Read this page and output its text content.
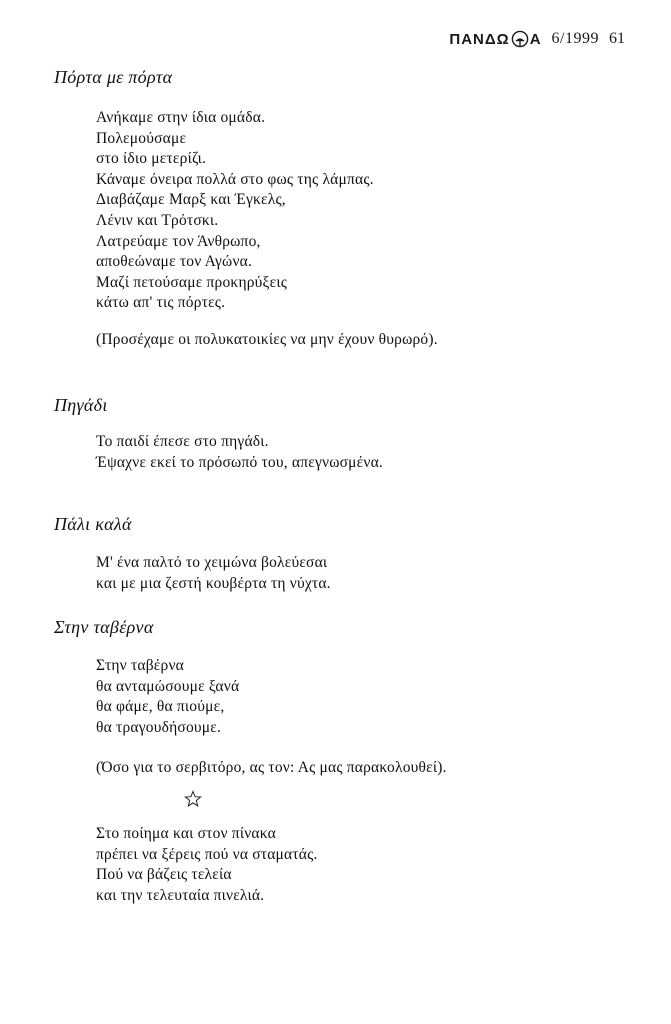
ΠΑΝΔΩ Α 6/1999 61
Πόρτα με πόρτα
Ανήκαμε στην ίδια ομάδα.
Πολεμούσαμε
στο ίδιο μετερίζι.
Κάναμε όνειρα πολλά στο φως της λάμπας.
Διαβάζαμε Μαρξ και Έγκελς,
Λένιν και Τρότσκι.
Λατρεύαμε τον Άνθρωπο,
αποθεώναμε τον Αγώνα.
Μαζί πετούσαμε προκηρύξεις
κάτω απ' τις πόρτες.
(Προσέχαμε οι πολυκατοικίες να μην έχουν θυρωρό).
Πηγάδι
Το παιδί έπεσε στο πηγάδι.
Έψαχνε εκεί το πρόσωπό του, απεγνωσμένα.
Πάλι καλά
Μ' ένα παλτό το χειμώνα βολεύεσαι
και με μια ζεστή κουβέρτα τη νύχτα.
Στην ταβέρνα
Στην ταβέρνα
θα ανταμώσουμε ξανά
θα φάμε, θα πιούμε,
θα τραγουδήσουμε.
(Όσο για το σερβιτόρο, ας τον: Ας μας παρακολουθεί).
Στο ποίημα και στον πίνακα
πρέπει να ξέρεις πού να σταματάς.
Πού να βάζεις τελεία
και την τελευταία πινελιά.
